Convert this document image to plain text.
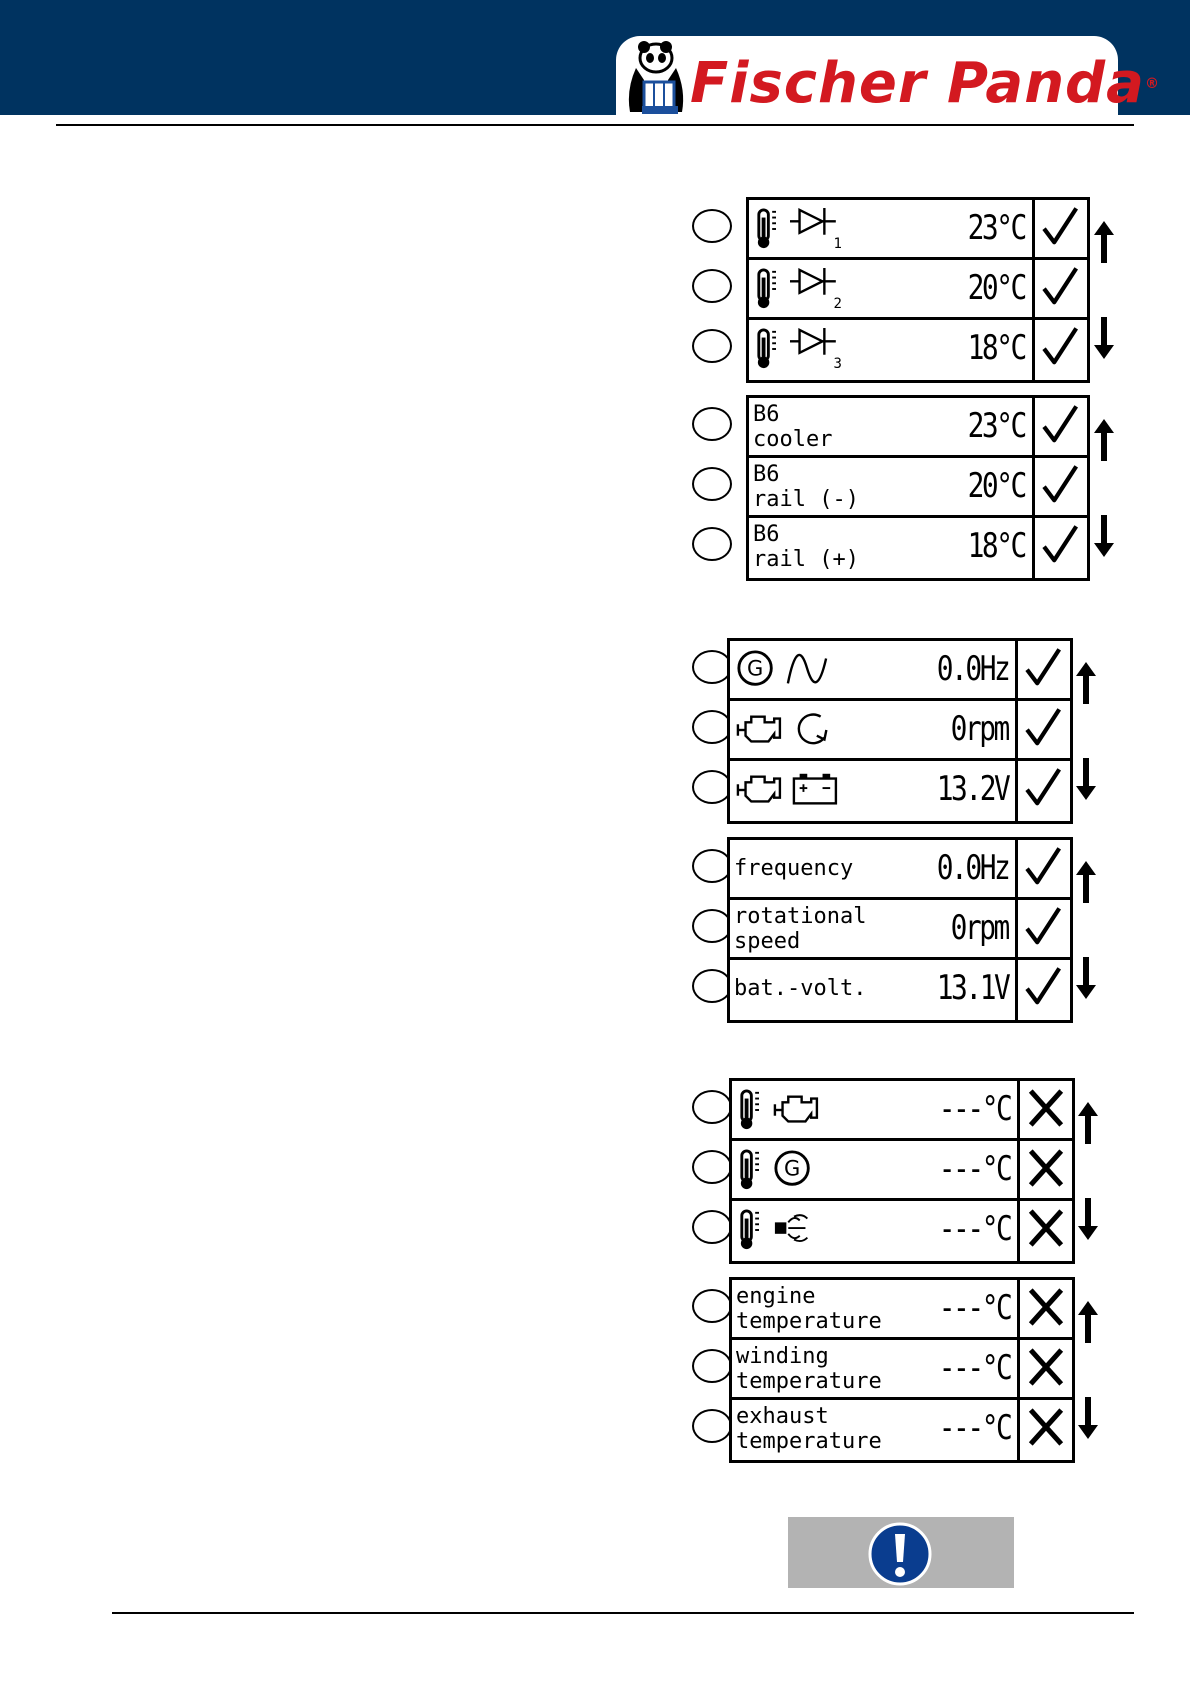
Fischer Panda®
1	23°C
2	20°C
3	18°C
B6
cooler	23°C
B6
rail (-)	20°C
B6
rail (+)	18°C
G	0.0Hz
0rpm
13.2V
frequency 0.0Hz
rotational
speed	0rpm
bat.-volt. 13.1V
---°C
G	---°C
---°C
engine
temperature ---°C
winding
temperature ---°C
exhaust
temperature ---°C
